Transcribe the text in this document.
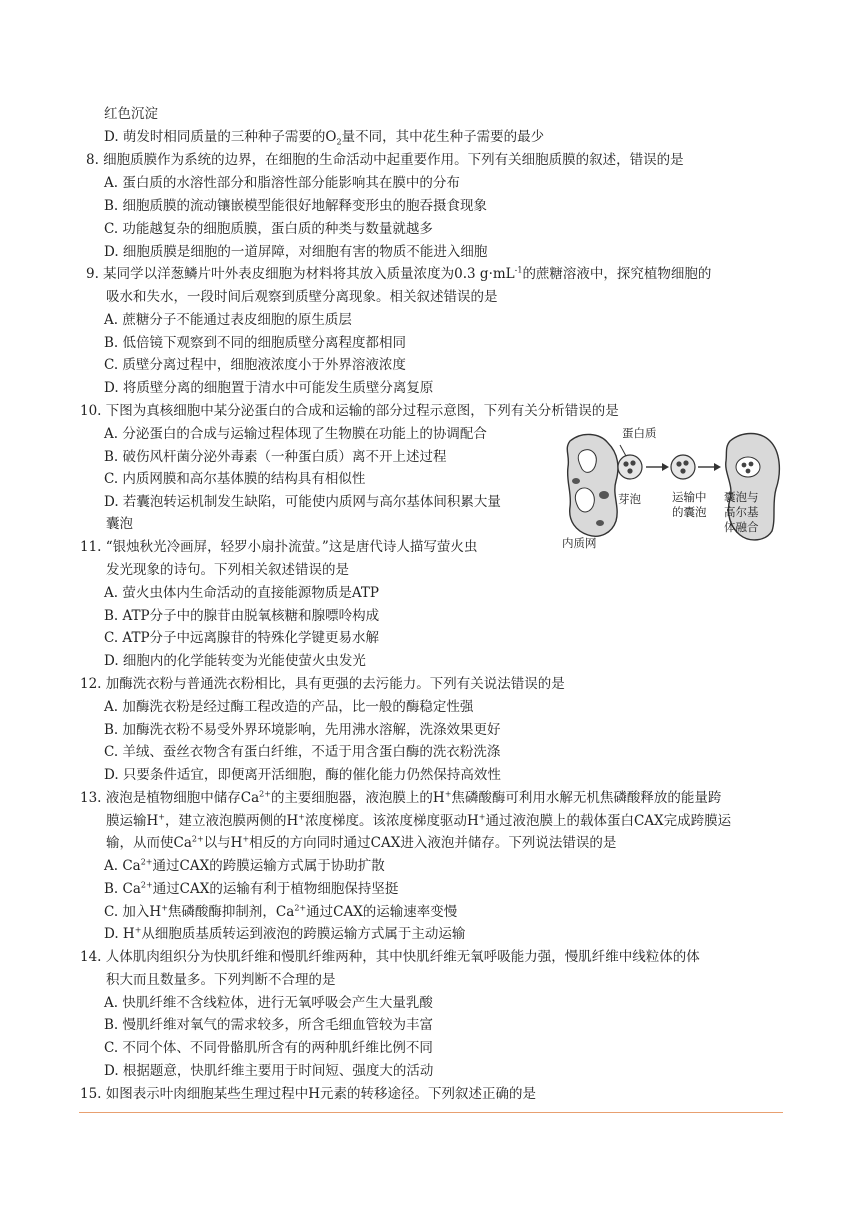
红色沉淀
D. 萌发时相同质量的三种种子需要的$O_2$量不同，其中花生种子需要的最少
8. 细胞质膜作为系统的边界，在细胞的生命活动中起重要作用。下列有关细胞质膜的叙述，错误的是
A. 蛋白质的水溶性部分和脂溶性部分能影响其在膜中的分布
B. 细胞质膜的流动镶嵌模型能很好地解释变形虫的胞吞摄食现象
C. 功能越复杂的细胞质膜，蛋白质的种类与数量就越多
D. 细胞质膜是细胞的一道屏障，对细胞有害的物质不能进入细胞
9. 某同学以洋葱鳞片叶外表皮细胞为材料将其放入质量浓度为0.3 $g\cdot mL^{-1}$的蔗糖溶液中，探究植物细胞的
吸水和失水，一段时间后观察到质壁分离现象。相关叙述错误的是
A. 蔗糖分子不能通过表皮细胞的原生质层
B. 低倍镜下观察到不同的细胞质壁分离程度都相同
C. 质壁分离过程中，细胞液浓度小于外界溶液浓度
D. 将质壁分离的细胞置于清水中可能发生质壁分离复原
10. 下图为真核细胞中某分泌蛋白的合成和运输的部分过程示意图，下列有关分析错误的是
A. 分泌蛋白的合成与运输过程体现了生物膜在功能上的协调配合
B. 破伤风杆菌分泌外毒素（一种蛋白质）离不开上述过程
C. 内质网膜和高尔基体膜的结构具有相似性
D. 若囊泡转运机制发生缺陷，可能使内质网与高尔基体间积累大量
囊泡
蛋白质
芽泡	运输中
的囊泡
囊泡与
高尔基
体融合
内质网
11. “银烛秋光冷画屏，轻罗小扇扑流萤。”这是唐代诗人描写萤火虫
发光现象的诗句。下列相关叙述错误的是
A. 萤火虫体内生命活动的直接能源物质是ATP
B. ATP分子中的腺苷由脱氧核糖和腺嘌呤构成
C. ATP分子中远离腺苷的特殊化学键更易水解
D. 细胞内的化学能转变为光能使萤火虫发光
12. 加酶洗衣粉与普通洗衣粉相比，具有更强的去污能力。下列有关说法错误的是
A. 加酶洗衣粉是经过酶工程改造的产品，比一般的酶稳定性强
B. 加酶洗衣粉不易受外界环境影响，先用沸水溶解，洗涤效果更好
C. 羊绒、蚕丝衣物含有蛋白纤维，不适于用含蛋白酶的洗衣粉洗涤
D. 只要条件适宜，即便离开活细胞，酶的催化能力仍然保持高效性
13. 液泡是植物细胞中储存$Ca^{2+}$的主要细胞器，液泡膜上的H+焦磷酸酶可利用水解无机焦磷酸释放的能量跨
膜运输H+，建立液泡膜两侧的H+浓度梯度。该浓度梯度驱动H+通过液泡膜上的载体蛋白CAX完成跨膜运
输，从而使$Ca^{2+}$以与H+相反的方向同时通过CAX进入液泡并储存。下列说法错误的是
A. $Ca^{2+}$通过CAX的跨膜运输方式属于协助扩散
B. $Ca^{2+}$通过CAX的运输有利于植物细胞保持坚挺
C. 加入H+焦磷酸酶抑制剂，$Ca^{2+}$通过CAX的运输速率变慢
D. H+从细胞质基质转运到液泡的跨膜运输方式属于主动运输
14. 人体肌肉组织分为快肌纤维和慢肌纤维两种，其中快肌纤维无氧呼吸能力强，慢肌纤维中线粒体的体
积大而且数量多。下列判断不合理的是
A. 快肌纤维不含线粒体，进行无氧呼吸会产生大量乳酸
B. 慢肌纤维对氧气的需求较多，所含毛细血管较为丰富
C. 不同个体、不同骨骼肌所含有的两种肌纤维比例不同
D. 根据题意，快肌纤维主要用于时间短、强度大的活动
15. 如图表示叶肉细胞某些生理过程中H元素的转移途径。下列叙述正确的是
